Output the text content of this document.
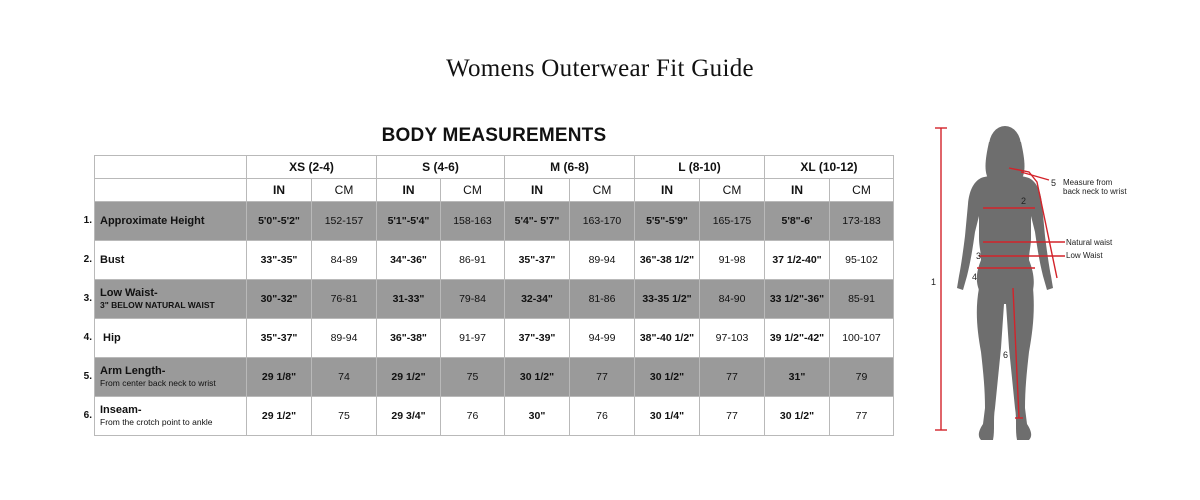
Womens Outerwear Fit Guide
BODY MEASUREMENTS
	XS (2-4)		S (4-6)		M (6-8)		L (8-10)		XL (10-12)	
	IN	CM	IN	CM	IN	CM	IN	CM	IN	CM
Approximate Height	5'0"-5'2"	152-157	5'1"-5'4"	158-163	5'4"- 5'7"	163-170	5'5"-5'9"	165-175	5'8"-6'	173-183
Bust	33"-35"	84-89	34"-36"	86-91	35"-37"	89-94	36"-38 1/2"	91-98	37 1/2-40"	95-102
Low Waist-
3" BELOW NATURAL WAIST	30"-32"	76-81	31-33"	79-84	32-34"	81-86	33-35 1/2"	84-90	33 1/2"-36"	85-91
Hip	35"-37"	89-94	36"-38"	91-97	37"-39"	94-99	38"-40 1/2"	97-103	39 1/2"-42"	100-107
Arm Length-
From center back neck to wrist	29 1/8"	74	29 1/2"	75	30 1/2"	77	30 1/2"	77	31"	79
Inseam-
From the crotch point to ankle	29 1/2"	75	29 3/4"	76	30"	76	30 1/4"	77	30 1/2"	77
1.
2.
3.
4.
5.
6.
1
2
3
4
5
6
Measure from back neck to wrist
Natural waist
Low Waist
